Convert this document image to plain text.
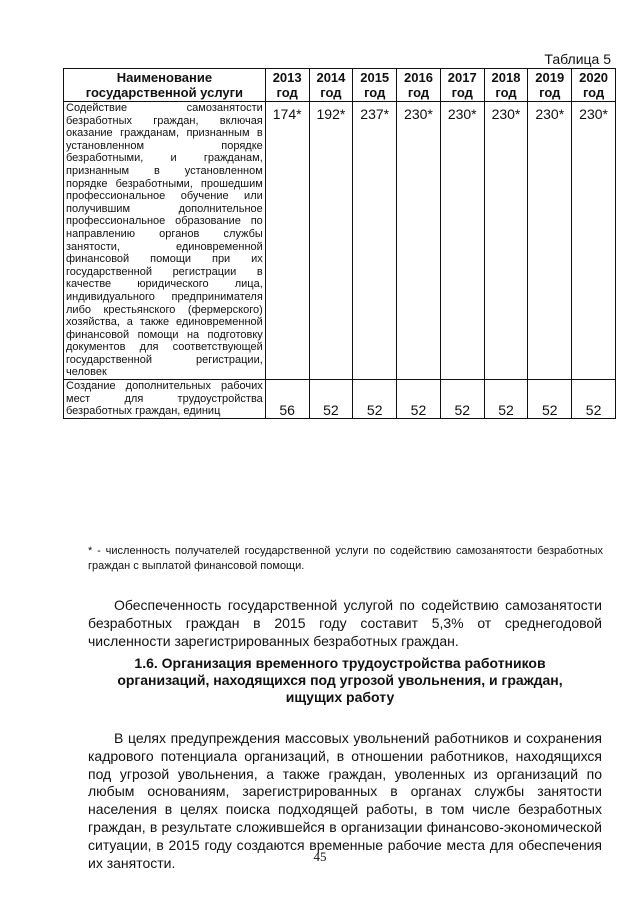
Таблица 5
Наименование государственной услуги	2013 год	2014 год	2015 год	2016 год	2017 год	2018 год	2019 год	2020 год
Содействие самозанятости безработных граждан, включая оказание гражданам, признанным в установленном порядке безработными, и гражданам, признанным в установленном порядке безработными, прошедшим профессиональное обучение или получившим дополнительное профессиональное образование по направлению органов службы занятости, единовременной финансовой помощи при их государственной регистрации в качестве юридического лица, индивидуального предпринимателя либо крестьянского (фермерского) хозяйства, а также единовременной финансовой помощи на подготовку документов для соответствующей государственной регистрации, человек	174*	192*	237*	230*	230*	230*	230*	230*
Создание дополнительных рабочих мест для трудоустройства безработных граждан, единиц	56	52	52	52	52	52	52	52
* - численность получателей государственной услуги по содействию самозанятости безработных граждан с выплатой финансовой помощи.

Обеспеченность государственной услугой по содействию самозанятости безработных граждан в 2015 году составит 5,3% от среднегодовой численности зарегистрированных безработных граждан.

1.6. Организация временного трудоустройства работников организаций, находящихся под угрозой увольнения, и граждан, ищущих работу

В целях предупреждения массовых увольнений работников и сохранения кадрового потенциала организаций, в отношении работников, находящихся под угрозой увольнения, а также граждан, уволенных из организаций по любым основаниям, зарегистрированных в органах службы занятости населения в целях поиска подходящей работы, в том числе безработных граждан, в результате сложившейся в организации финансово-экономической ситуации, в 2015 году создаются временные рабочие места для обеспечения их занятости.	45
